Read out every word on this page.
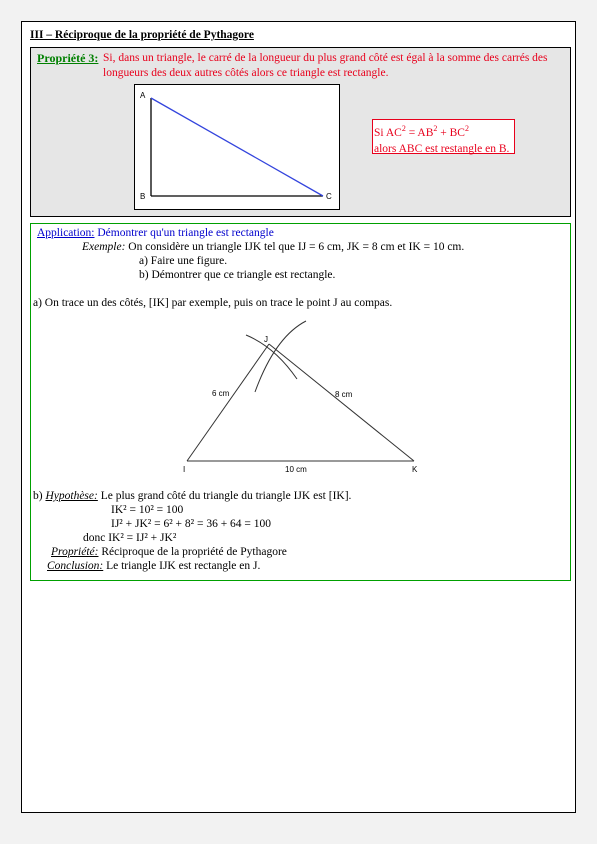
III – Réciproque de la propriété de Pythagore
Propriété 3: Si, dans un triangle, le carré de la longueur du plus grand côté est égal à la somme des carrés des longueurs des deux autres côtés alors ce triangle est rectangle.
A
B	C
Si $AC^2 = AB^2 + BC^2$
alors ABC est restangle en B.
Application: Démontrer qu'un triangle est rectangle
Exemple: On considère un triangle IJK tel que IJ = 6 cm, JK = 8 cm et IK = 10 cm.
a) Faire une figure.
b) Démontrer que ce triangle est rectangle.
a) On trace un des côtés, [IK] par exemple, puis on trace le point J au compas.
J
I	K
6 cm	8 cm
10 cm
b) Hypothèse: Le plus grand côté du triangle du triangle IJK est [IK].
IK² = 10² = 100
IJ² + JK² = 6² + 8² = 36 + 64 = 100
donc IK² = IJ² + JK²
Propriété: Réciproque de la propriété de Pythagore
Conclusion: Le triangle IJK est rectangle en J.
